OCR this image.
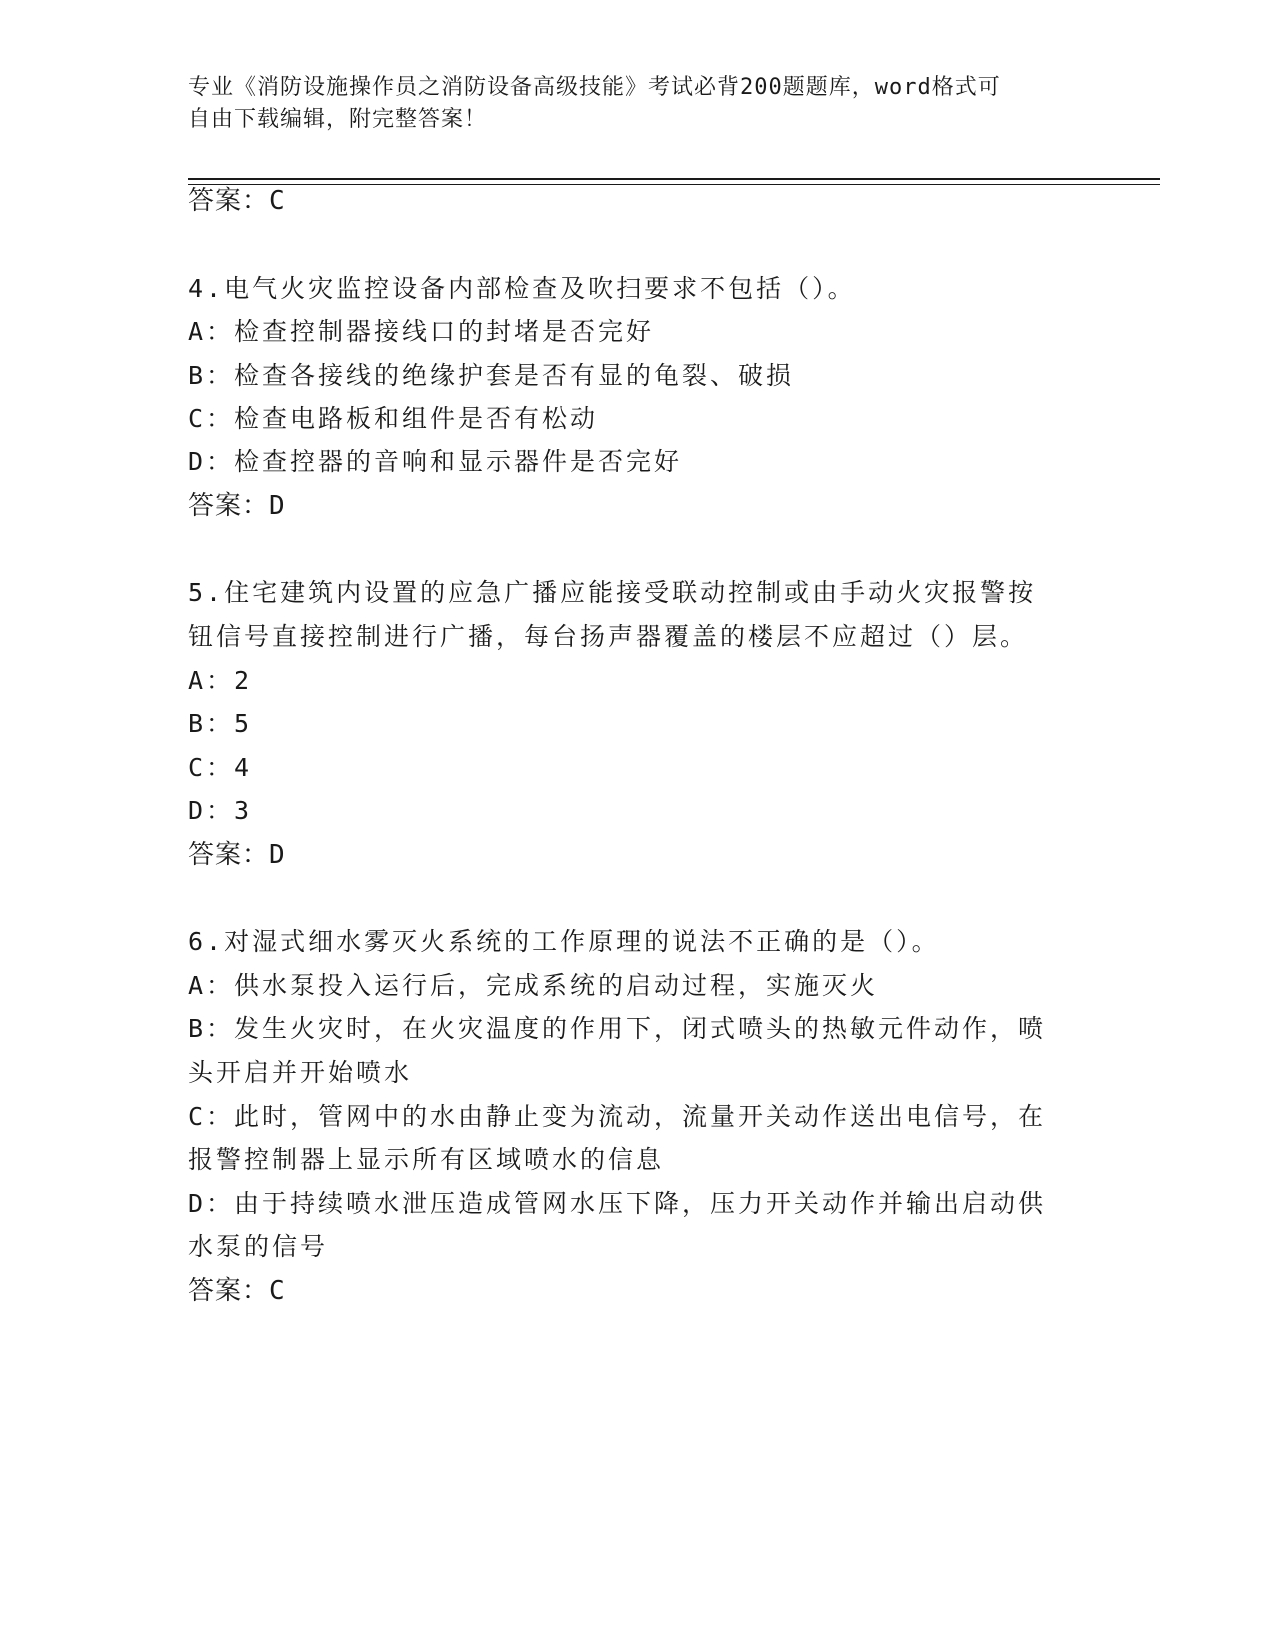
专业《消防设施操作员之消防设备高级技能》考试必背200题题库，word格式可
自由下载编辑，附完整答案！
答案：C
4.电气火灾监控设备内部检查及吹扫要求不包括（）。
A：检查控制器接线口的封堵是否完好
B：检查各接线的绝缘护套是否有显的龟裂、破损
C：检查电路板和组件是否有松动
D：检查控器的音响和显示器件是否完好
答案：D
5.住宅建筑内设置的应急广播应能接受联动控制或由手动火灾报警按
钮信号直接控制进行广播，每台扬声器覆盖的楼层不应超过（）层。
A：2
B：5
C：4
D：3
答案：D
6.对湿式细水雾灭火系统的工作原理的说法不正确的是（）。
A：供水泵投入运行后，完成系统的启动过程，实施灭火
B：发生火灾时，在火灾温度的作用下，闭式喷头的热敏元件动作，喷
头开启并开始喷水
C：此时，管网中的水由静止变为流动，流量开关动作送出电信号，在
报警控制器上显示所有区域喷水的信息
D：由于持续喷水泄压造成管网水压下降，压力开关动作并输出启动供
水泵的信号
答案：C
